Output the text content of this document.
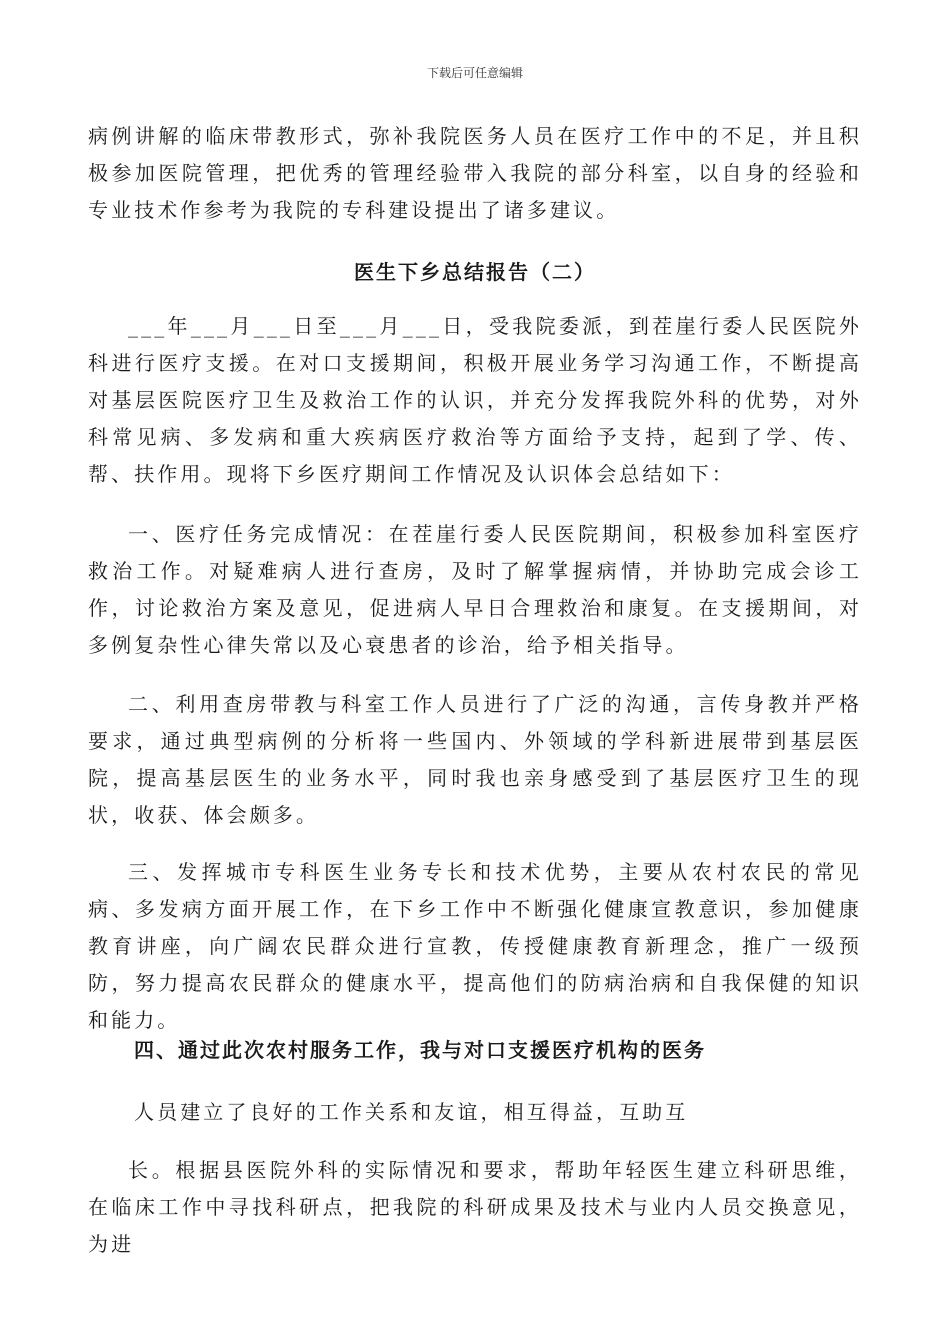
下载后可任意编辑

病例讲解的临床带教形式，弥补我院医务人员在医疗工作中的不足，并且积极参加医院管理，把优秀的管理经验带入我院的部分科室，以自身的经验和专业技术作参考为我院的专科建设提出了诸多建议。

医生下乡总结报告（二）

___年___月___日至___月___日，受我院委派，到茬崖行委人民医院外科进行医疗支援。在对口支援期间，积极开展业务学习沟通工作，不断提高对基层医院医疗卫生及救治工作的认识，并充分发挥我院外科的优势，对外科常见病、多发病和重大疾病医疗救治等方面给予支持，起到了学、传、帮、扶作用。现将下乡医疗期间工作情况及认识体会总结如下：

一、医疗任务完成情况：在茬崖行委人民医院期间，积极参加科室医疗救治工作。对疑难病人进行查房，及时了解掌握病情，并协助完成会诊工作，讨论救治方案及意见，促进病人早日合理救治和康复。在支援期间，对多例复杂性心律失常以及心衰患者的诊治，给予相关指导。

二、利用查房带教与科室工作人员进行了广泛的沟通，言传身教并严格要求，通过典型病例的分析将一些国内、外领域的学科新进展带到基层医院，提高基层医生的业务水平，同时我也亲身感受到了基层医疗卫生的现状，收获、体会颇多。

三、发挥城市专科医生业务专长和技术优势，主要从农村农民的常见病、多发病方面开展工作，在下乡工作中不断强化健康宣教意识，参加健康教育讲座，向广阔农民群众进行宣教，传授健康教育新理念，推广一级预防，努力提高农民群众的健康水平，提高他们的防病治病和自我保健的知识和能力。

四、通过此次农村服务工作，我与对口支援医疗机构的医务

人员建立了良好的工作关系和友谊，相互得益，互助互

长。根据县医院外科的实际情况和要求，帮助年轻医生建立科研思维，在临床工作中寻找科研点，把我院的科研成果及技术与业内人员交换意见，为进
